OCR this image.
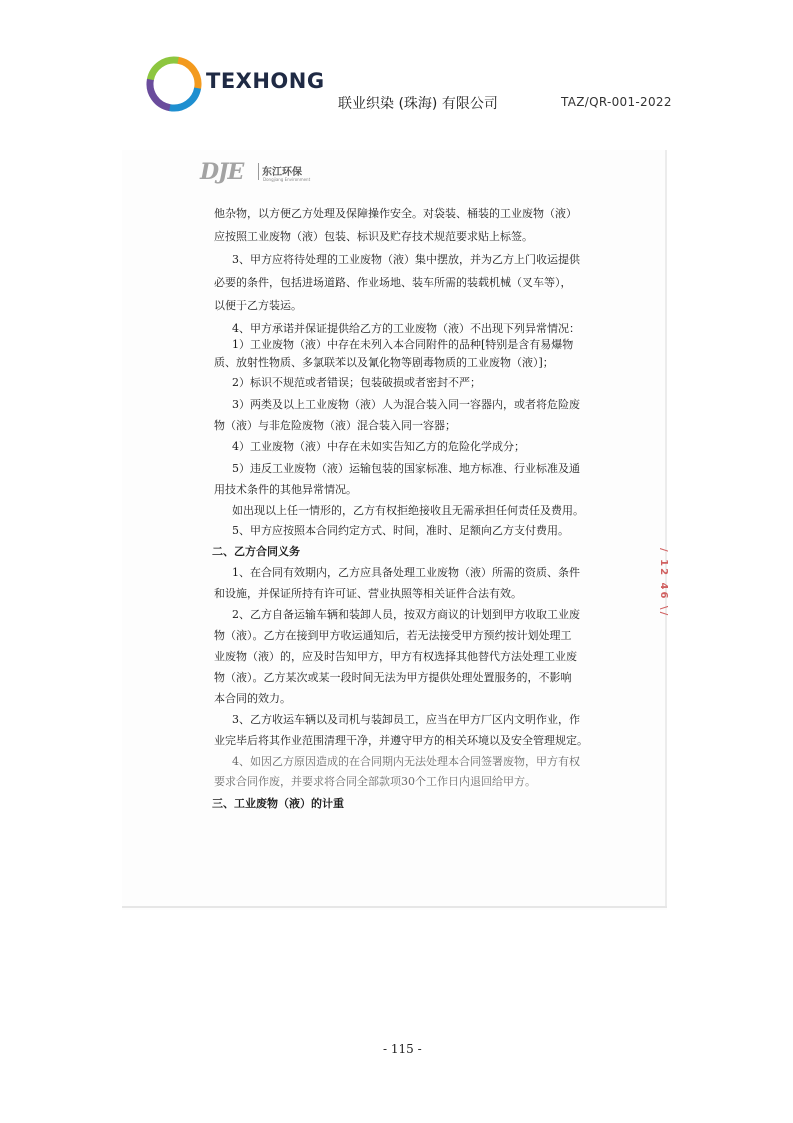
TEXHONG
联业织染 (珠海) 有限公司	TAZ/QR-001-2022
DJE 东江环保
Dongjiang Environment
他杂物，以方便乙方处理及保障操作安全。对袋装、桶装的工业废物（液）
应按照工业废物（液）包装、标识及贮存技术规范要求贴上标签。
3、甲方应将待处理的工业废物（液）集中摆放，并为乙方上门收运提供
必要的条件，包括进场道路、作业场地、装车所需的装载机械（叉车等），
以便于乙方装运。
4、甲方承诺并保证提供给乙方的工业废物（液）不出现下列异常情况：
1）工业废物（液）中存在未列入本合同附件的品种[特别是含有易爆物
质、放射性物质、多氯联苯以及氰化物等剧毒物质的工业废物（液）]；
2）标识不规范或者错误；包装破损或者密封不严；
3）两类及以上工业废物（液）人为混合装入同一容器内，或者将危险废
物（液）与非危险废物（液）混合装入同一容器；
4）工业废物（液）中存在未如实告知乙方的危险化学成分；
5）违反工业废物（液）运输包装的国家标准、地方标准、行业标准及通
用技术条件的其他异常情况。
如出现以上任一情形的，乙方有权拒绝接收且无需承担任何责任及费用。
5、甲方应按照本合同约定方式、时间，准时、足额向乙方支付费用。
二、乙方合同义务
1、在合同有效期内，乙方应具备处理工业废物（液）所需的资质、条件
和设施，并保证所持有许可证、营业执照等相关证件合法有效。
2、乙方自备运输车辆和装卸人员，按双方商议的计划到甲方收取工业废
物（液）。乙方在接到甲方收运通知后，若无法接受甲方预约按计划处理工
业废物（液）的，应及时告知甲方，甲方有权选择其他替代方法处理工业废
物（液）。乙方某次或某一段时间无法为甲方提供处理处置服务的，不影响
本合同的效力。
3、乙方收运车辆以及司机与装卸员工，应当在甲方厂区内文明作业，作
业完毕后将其作业范围清理干净，并遵守甲方的相关环境以及安全管理规定。
4、如因乙方原因造成的在合同期内无法处理本合同签署废物，甲方有权
要求合同作废，并要求将合同全部款项30个工作日内退回给甲方。
三、工业废物（液）的计重
/ 12 46 \/
- 115 -
